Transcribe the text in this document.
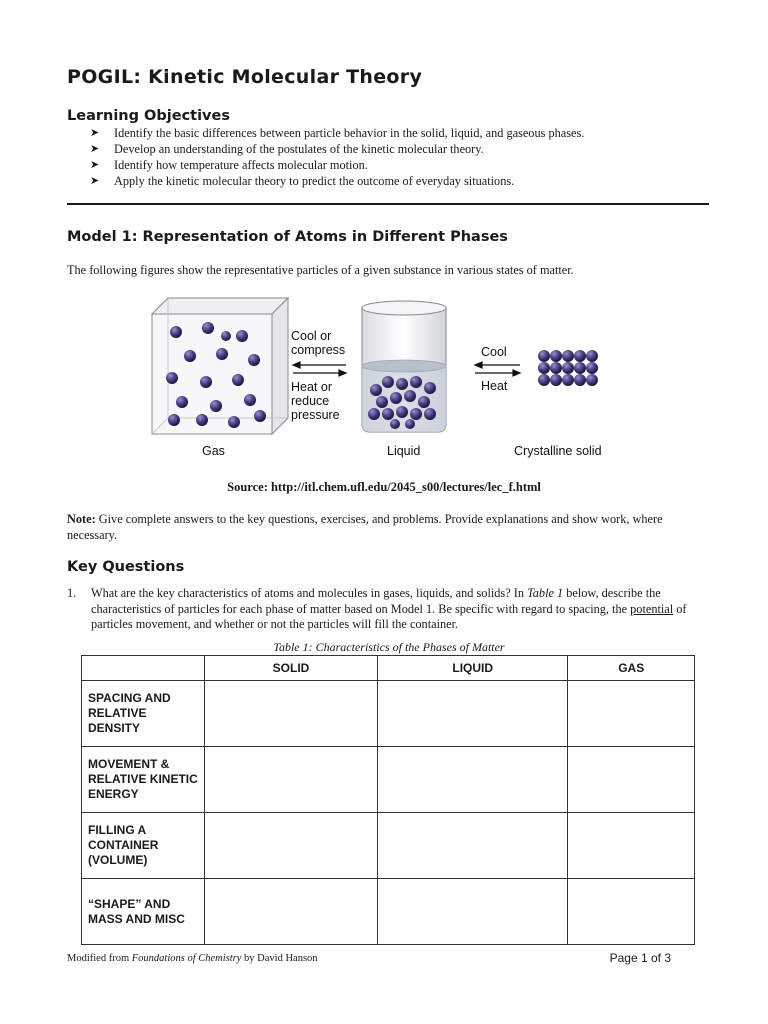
POGIL: Kinetic Molecular Theory
Learning Objectives
➤ Identify the basic differences between particle behavior in the solid, liquid, and gaseous phases.
➤ Develop an understanding of the postulates of the kinetic molecular theory.
➤ Identify how temperature affects molecular motion.
➤ Apply the kinetic molecular theory to predict the outcome of everyday situations.
Model 1: Representation of Atoms in Different Phases

The following figures show the representative particles of a given substance in various states of matter.

Cool or compress
Heat or reduce pressure
Cool
Heat
Gas	Liquid	Crystalline solid

Source: http://itl.chem.ufl.edu/2045_s00/lectures/lec_f.html

Note: Give complete answers to the key questions, exercises, and problems. Provide explanations and show work, where necessary.

Key Questions

1.	What are the key characteristics of atoms and molecules in gases, liquids, and solids? In Table 1 below, describe the characteristics of particles for each phase of matter based on Model 1. Be specific with regard to spacing, the potential of particles movement, and whether or not the particles will fill the container.

Table 1: Characteristics of the Phases of Matter

	SOLID	LIQUID	GAS
SPACING AND RELATIVE DENSITY			
MOVEMENT & RELATIVE KINETIC ENERGY			
FILLING A CONTAINER (VOLUME)			
“SHAPE” AND MASS AND MISC			

Modified from Foundations of Chemistry by David Hanson	Page 1 of 3
